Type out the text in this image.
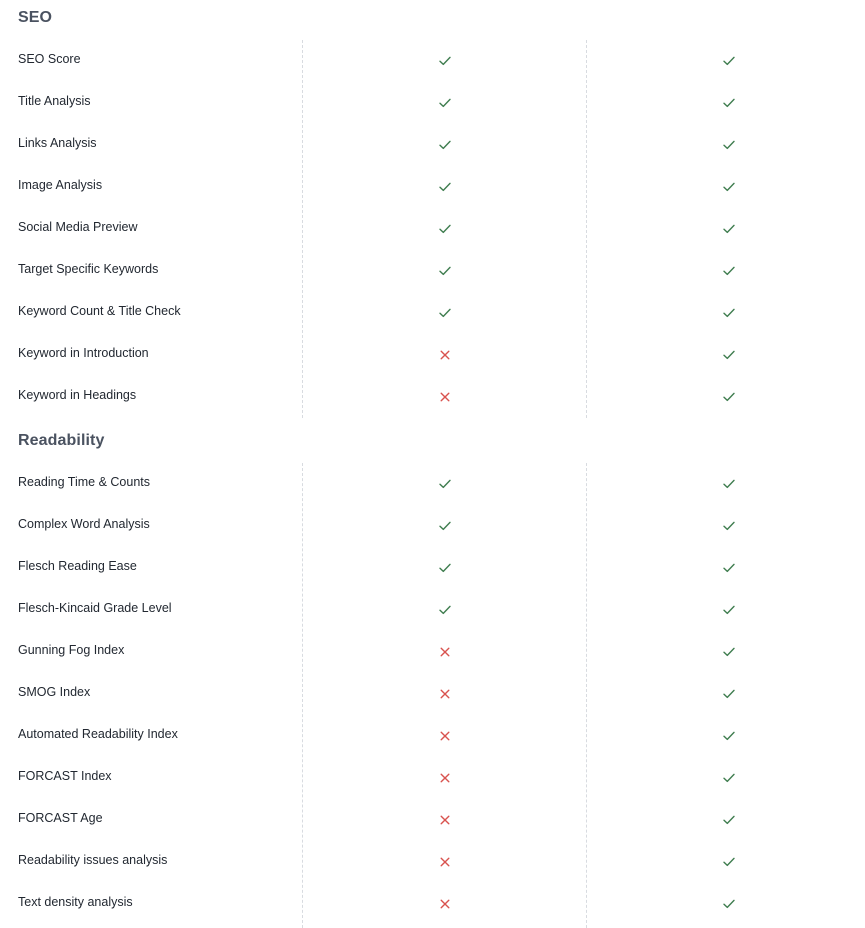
SEO
SEO Score
Title Analysis
Links Analysis
Image Analysis
Social Media Preview
Target Specific Keywords
Keyword Count & Title Check
Keyword in Introduction
Keyword in Headings
Readability
Reading Time & Counts
Complex Word Analysis
Flesch Reading Ease
Flesch-Kincaid Grade Level
Gunning Fog Index
SMOG Index
Automated Readability Index
FORCAST Index
FORCAST Age
Readability issues analysis
Text density analysis
